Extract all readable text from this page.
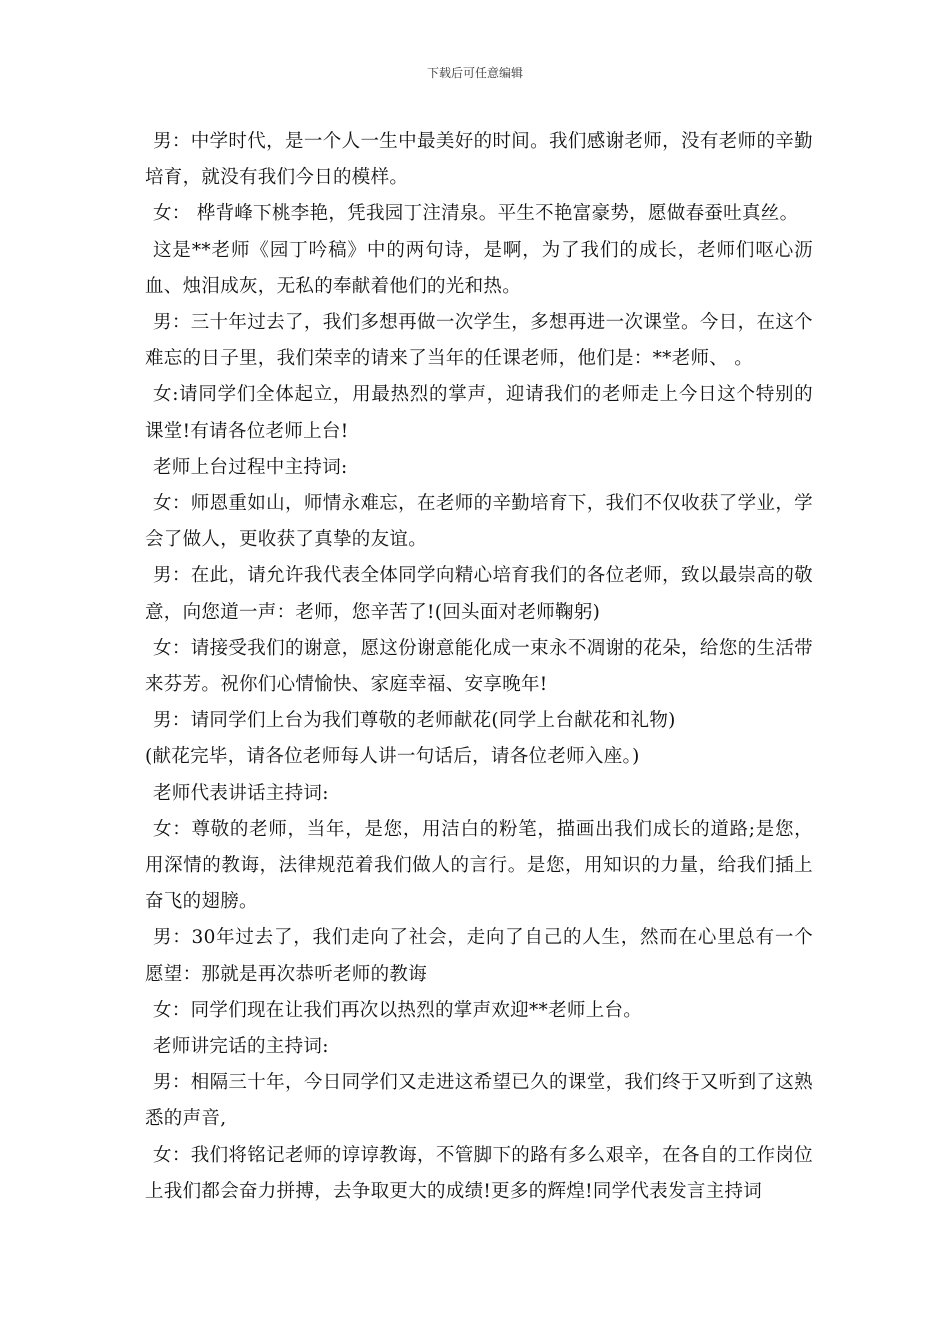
下载后可任意编辑

男：中学时代，是一个人一生中最美好的时间。我们感谢老师，没有老师的辛勤培育，就没有我们今日的模样。

女： 桦背峰下桃李艳，凭我园丁注清泉。平生不艳富豪势，愿做春蚕吐真丝。

这是**老师《园丁吟稿》中的两句诗，是啊，为了我们的成长，老师们呕心沥血、烛泪成灰，无私的奉献着他们的光和热。

男：三十年过去了，我们多想再做一次学生，多想再进一次课堂。今日，在这个难忘的日子里，我们荣幸的请来了当年的任课老师，他们是：**老师、 。

女:请同学们全体起立，用最热烈的掌声，迎请我们的老师走上今日这个特别的课堂!有请各位老师上台!

老师上台过程中主持词:

女：师恩重如山，师情永难忘，在老师的辛勤培育下，我们不仅收获了学业，学会了做人，更收获了真挚的友谊。

男：在此，请允许我代表全体同学向精心培育我们的各位老师，致以最崇高的敬意，向您道一声：老师，您辛苦了!(回头面对老师鞠躬)

女：请接受我们的谢意，愿这份谢意能化成一束永不凋谢的花朵，给您的生活带来芬芳。祝你们心情愉快、家庭幸福、安享晚年!

男：请同学们上台为我们尊敬的老师献花(同学上台献花和礼物)

(献花完毕，请各位老师每人讲一句话后，请各位老师入座。)

老师代表讲话主持词:

女：尊敬的老师，当年，是您，用洁白的粉笔，描画出我们成长的道路;是您，用深情的教诲，法律规范着我们做人的言行。是您，用知识的力量，给我们插上奋飞的翅膀。

男：30年过去了，我们走向了社会，走向了自己的人生，然而在心里总有一个愿望：那就是再次恭听老师的教诲

女：同学们现在让我们再次以热烈的掌声欢迎**老师上台。

老师讲完话的主持词:

男：相隔三十年，今日同学们又走进这希望已久的课堂，我们终于又听到了这熟悉的声音,

女：我们将铭记老师的谆谆教诲，不管脚下的路有多么艰辛，在各自的工作岗位上我们都会奋力拼搏，去争取更大的成绩!更多的辉煌!同学代表发言主持词
